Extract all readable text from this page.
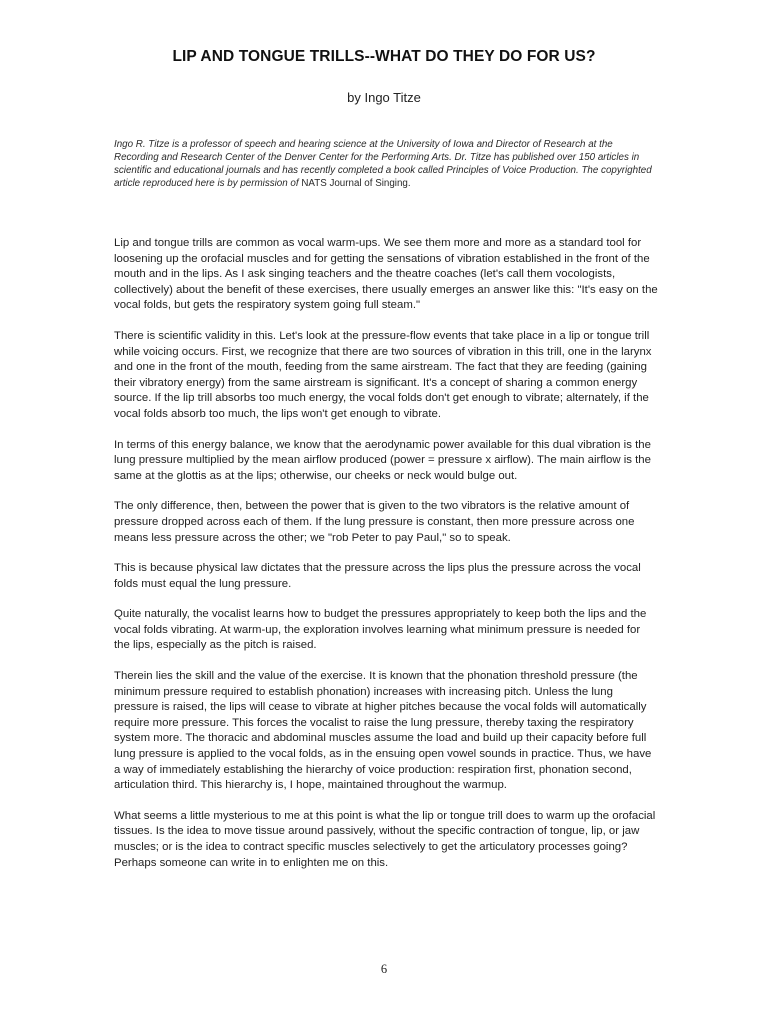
LIP AND TONGUE TRILLS--WHAT DO THEY DO FOR US?
by Ingo Titze

Ingo R. Titze is a professor of speech and hearing science at the University of Iowa and Director of Research at the Recording and Research Center of the Denver Center for the Performing Arts. Dr. Titze has published over 150 articles in scientific and educational journals and has recently completed a book called Principles of Voice Production. The copyrighted article reproduced here is by permission of NATS Journal of Singing.

Lip and tongue trills are common as vocal warm-ups. We see them more and more as a standard tool for loosening up the orofacial muscles and for getting the sensations of vibration established in the front of the mouth and in the lips. As I ask singing teachers and the theatre coaches (let's call them vocologists, collectively) about the benefit of these exercises, there usually emerges an answer like this: "It's easy on the vocal folds, but gets the respiratory system going full steam."

There is scientific validity in this. Let's look at the pressure-flow events that take place in a lip or tongue trill while voicing occurs. First, we recognize that there are two sources of vibration in this trill, one in the larynx and one in the front of the mouth, feeding from the same airstream. The fact that they are feeding (gaining their vibratory energy) from the same airstream is significant. It's a concept of sharing a common energy source. If the lip trill absorbs too much energy, the vocal folds don't get enough to vibrate; alternately, if the vocal folds absorb too much, the lips won't get enough to vibrate.

In terms of this energy balance, we know that the aerodynamic power available for this dual vibration is the lung pressure multiplied by the mean airflow produced (power = pressure x airflow). The main airflow is the same at the glottis as at the lips; otherwise, our cheeks or neck would bulge out.

The only difference, then, between the power that is given to the two vibrators is the relative amount of pressure dropped across each of them. If the lung pressure is constant, then more pressure across one means less pressure across the other; we "rob Peter to pay Paul," so to speak.

This is because physical law dictates that the pressure across the lips plus the pressure across the vocal folds must equal the lung pressure.

Quite naturally, the vocalist learns how to budget the pressures appropriately to keep both the lips and the vocal folds vibrating. At warm-up, the exploration involves learning what minimum pressure is needed for the lips, especially as the pitch is raised.

Therein lies the skill and the value of the exercise. It is known that the phonation threshold pressure (the minimum pressure required to establish phonation) increases with increasing pitch. Unless the lung pressure is raised, the lips will cease to vibrate at higher pitches because the vocal folds will automatically require more pressure. This forces the vocalist to raise the lung pressure, thereby taxing the respiratory system more. The thoracic and abdominal muscles assume the load and build up their capacity before full lung pressure is applied to the vocal folds, as in the ensuing open vowel sounds in practice. Thus, we have a way of immediately establishing the hierarchy of voice production: respiration first, phonation second, articulation third. This hierarchy is, I hope, maintained throughout the warmup.

What seems a little mysterious to me at this point is what the lip or tongue trill does to warm up the orofacial tissues. Is the idea to move tissue around passively, without the specific contraction of tongue, lip, or jaw muscles; or is the idea to contract specific muscles selectively to get the articulatory processes going? Perhaps someone can write in to enlighten me on this.

6
